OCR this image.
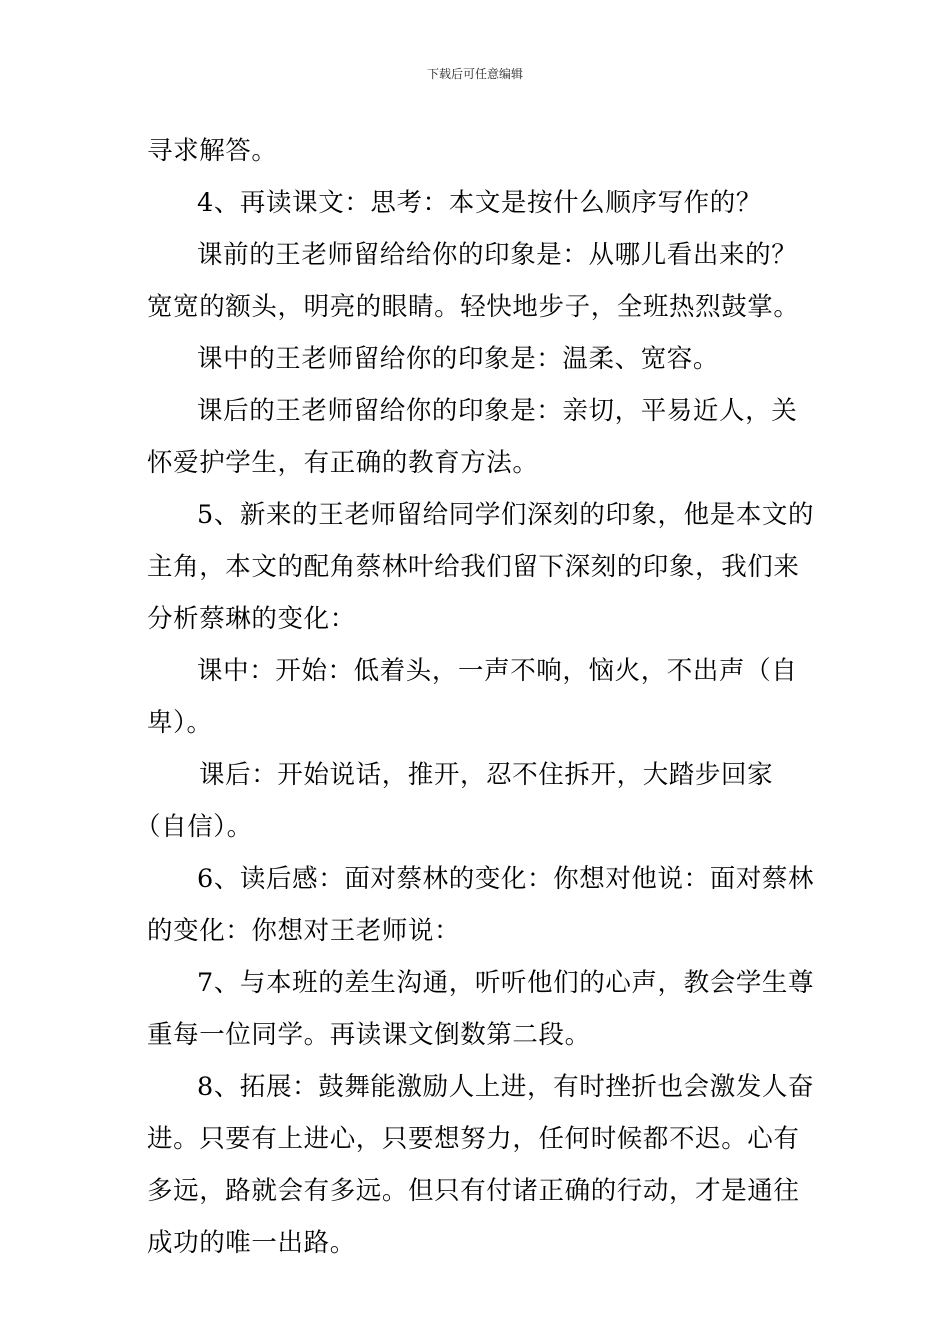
下载后可任意编辑

寻求解答。

4、再读课文：思考：本文是按什么顺序写作的？

课前的王老师留给给你的印象是：从哪儿看出来的？
宽宽的额头，明亮的眼睛。轻快地步子，全班热烈鼓掌。

课中的王老师留给你的印象是：温柔、宽容。

课后的王老师留给你的印象是：亲切，平易近人，关
怀爱护学生，有正确的教育方法。

5、新来的王老师留给同学们深刻的印象，他是本文的
主角，本文的配角蔡林叶给我们留下深刻的印象，我们来
分析蔡琳的变化：

课中：开始：低着头，一声不响，恼火，不出声（自
卑）。

课后：开始说话，推开，忍不住拆开，大踏步回家
（自信）。

6、读后感：面对蔡林的变化：你想对他说：面对蔡林
的变化：你想对王老师说：

7、与本班的差生沟通，听听他们的心声，教会学生尊
重每一位同学。再读课文倒数第二段。

8、拓展：鼓舞能激励人上进，有时挫折也会激发人奋
进。只要有上进心，只要想努力，任何时候都不迟。心有
多远，路就会有多远。但只有付诸正确的行动，才是通往
成功的唯一出路。
